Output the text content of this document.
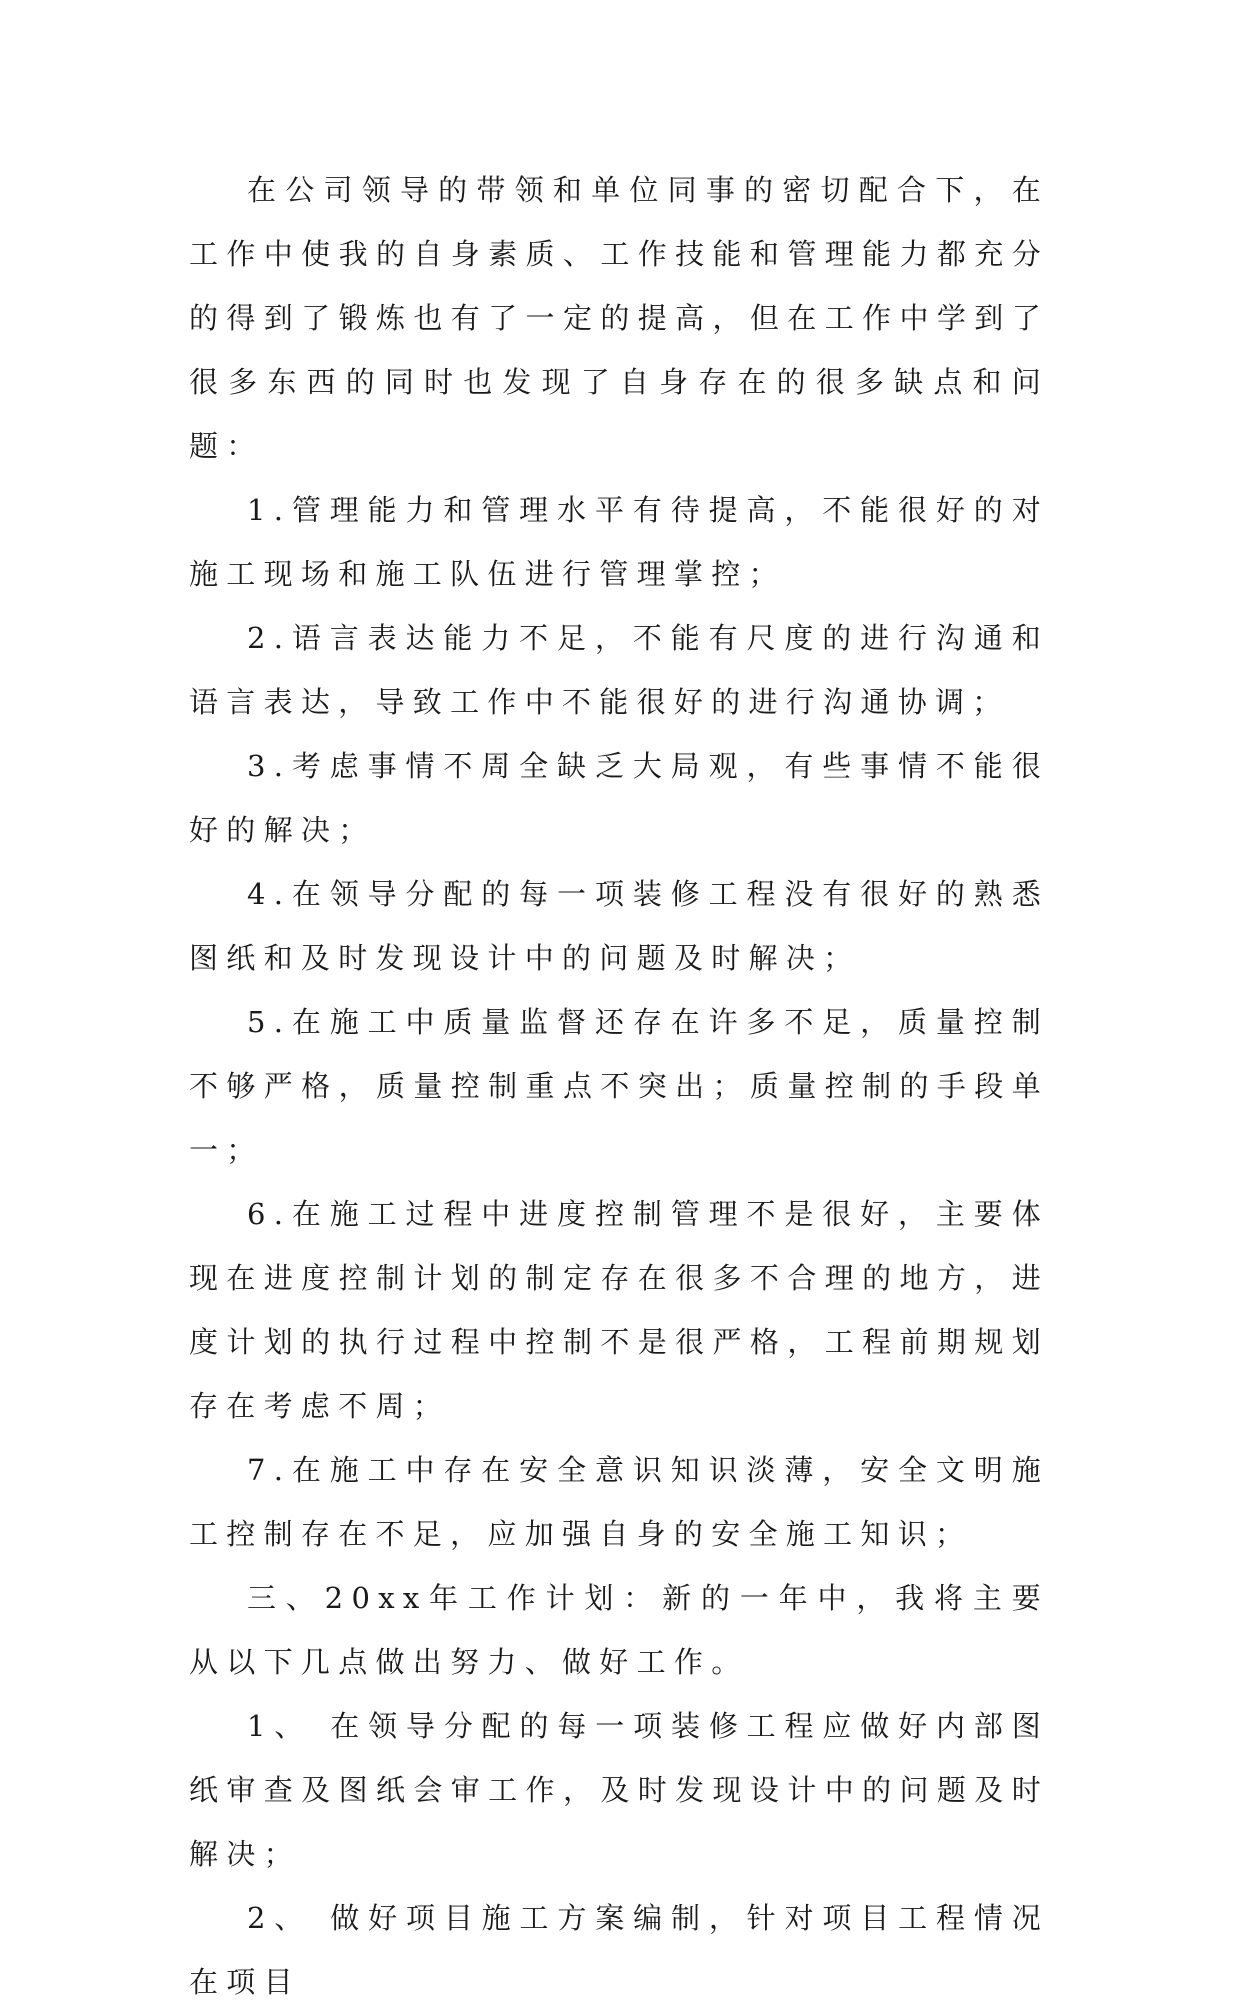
在公司领导的带领和单位同事的密切配合下，在工作中使我的自身素质、工作技能和管理能力都充分的得到了锻炼也有了一定的提高，但在工作中学到了很多东西的同时也发现了自身存在的很多缺点和问题：

1.管理能力和管理水平有待提高，不能很好的对施工现场和施工队伍进行管理掌控；

2.语言表达能力不足，不能有尺度的进行沟通和语言表达，导致工作中不能很好的进行沟通协调；

3.考虑事情不周全缺乏大局观，有些事情不能很好的解决；

4.在领导分配的每一项装修工程没有很好的熟悉图纸和及时发现设计中的问题及时解决；

5.在施工中质量监督还存在许多不足，质量控制不够严格，质量控制重点不突出；质量控制的手段单一；

6.在施工过程中进度控制管理不是很好，主要体现在进度控制计划的制定存在很多不合理的地方，进度计划的执行过程中控制不是很严格，工程前期规划存在考虑不周；

7.在施工中存在安全意识知识淡薄，安全文明施工控制存在不足，应加强自身的安全施工知识；

三、20xx年工作计划：新的一年中，我将主要从以下几点做出努力、做好工作。

1、 在领导分配的每一项装修工程应做好内部图纸审查及图纸会审工作，及时发现设计中的问题及时解决；

2、 做好项目施工方案编制，针对项目工程情况在项目
